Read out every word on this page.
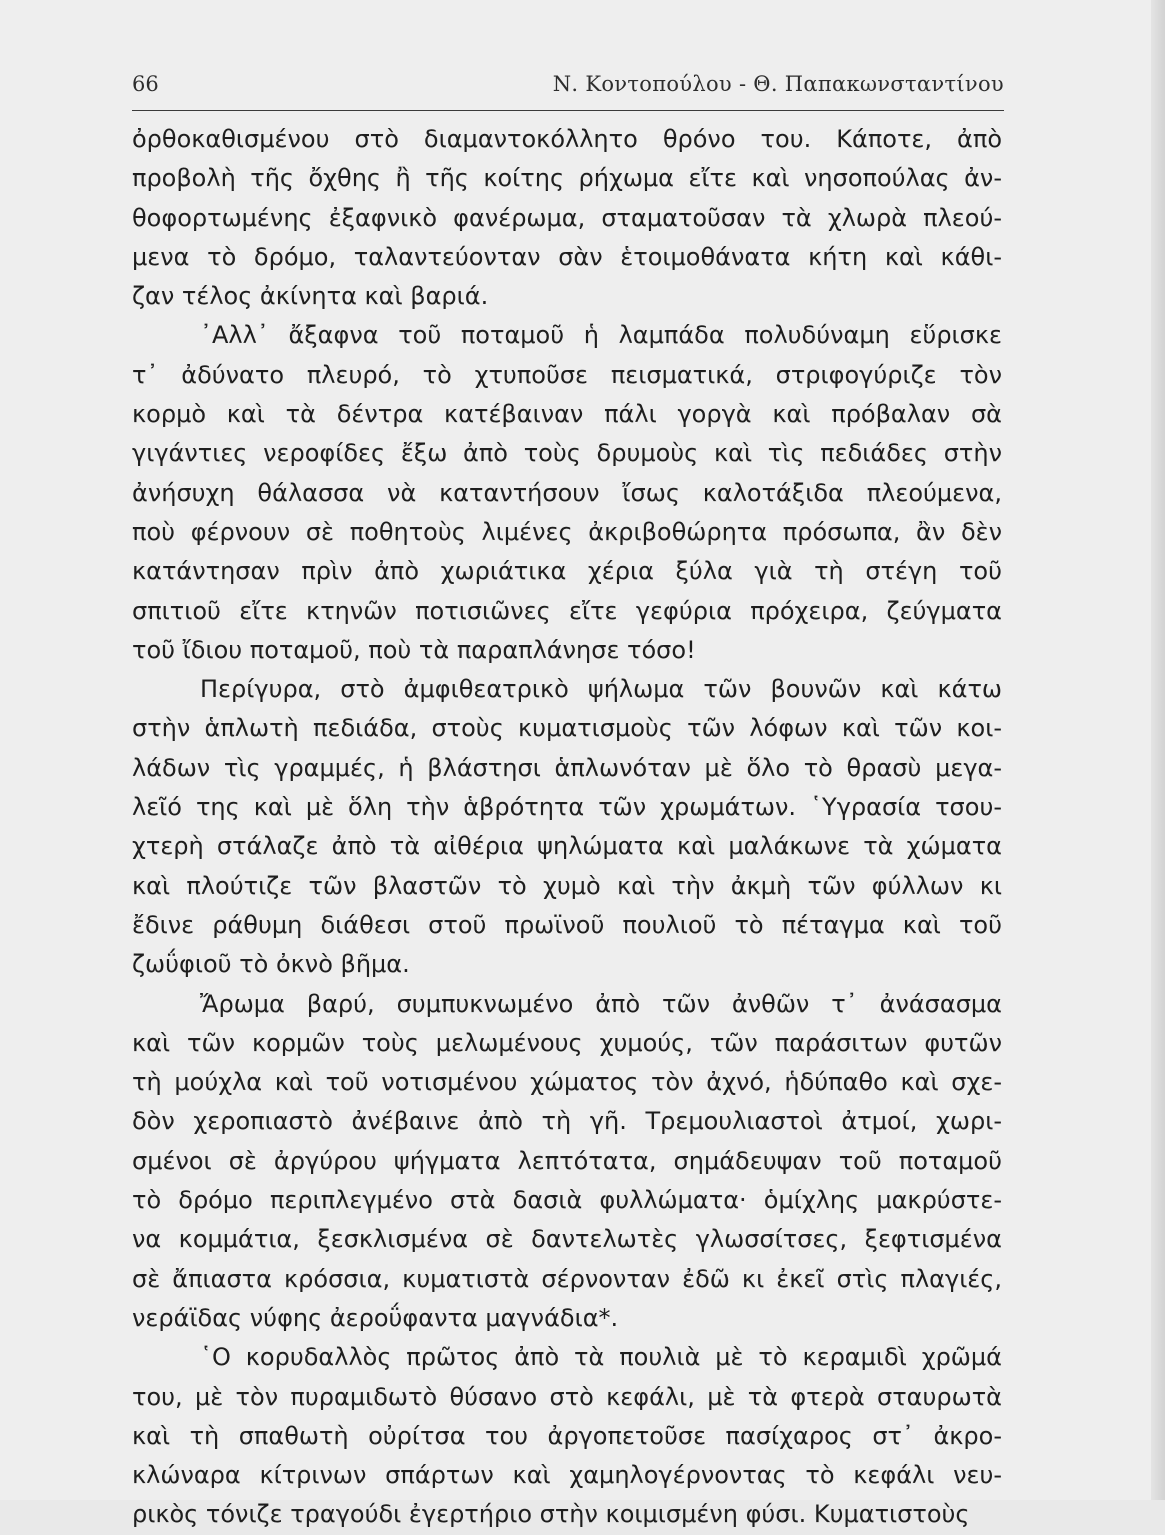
66	Ν. Κοντοπούλου - Θ. Παπακωνσταντίνου
ὀρθοκαθισμένου στὸ διαμαντοκόλλητο θρόνο του. Κάποτε, ἀπὸ
προβολὴ τῆς ὄχθης ἢ τῆς κοίτης ρήχωμα εἴτε καὶ νησοπούλας ἀν-
θοφορτωμένης ἐξαφνικὸ φανέρωμα, σταματοῦσαν τὰ χλωρὰ πλεού-
μενα τὸ δρόμο, ταλαντεύονταν σὰν ἑτοιμοθάνατα κήτη καὶ κάθι-
ζαν τέλος ἀκίνητα καὶ βαριά.
᾿Αλλ᾿ ἄξαφνα τοῦ ποταμοῦ ἡ λαμπάδα πολυδύναμη εὕρισκε
τ᾿ ἀδύνατο πλευρό, τὸ χτυποῦσε πεισματικά, στριφογύριζε τὸν
κορμὸ καὶ τὰ δέντρα κατέβαιναν πάλι γοργὰ καὶ πρόβαλαν σὰ
γιγάντιες νεροφίδες ἔξω ἀπὸ τοὺς δρυμοὺς καὶ τὶς πεδιάδες στὴν
ἀνήσυχη θάλασσα νὰ καταντήσουν ἴσως καλοτάξιδα πλεούμενα,
ποὺ φέρνουν σὲ ποθητοὺς λιμένες ἀκριβοθώρητα πρόσωπα, ἂν δὲν
κατάντησαν πρὶν ἀπὸ χωριάτικα χέρια ξύλα γιὰ τὴ στέγη τοῦ
σπιτιοῦ εἴτε κτηνῶν ποτισιῶνες εἴτε γεφύρια πρόχειρα, ζεύγματα
τοῦ ἴδιου ποταμοῦ, ποὺ τὰ παραπλάνησε τόσο!
Περίγυρα, στὸ ἀμφιθεατρικὸ ψήλωμα τῶν βουνῶν καὶ κάτω
στὴν ἁπλωτὴ πεδιάδα, στοὺς κυματισμοὺς τῶν λόφων καὶ τῶν κοι-
λάδων τὶς γραμμές, ἡ βλάστησι ἁπλωνόταν μὲ ὅλο τὸ θρασὺ μεγα-
λεῖό της καὶ μὲ ὅλη τὴν ἁβρότητα τῶν χρωμάτων. ῾Υγρασία τσου-
χτερὴ στάλαζε ἀπὸ τὰ αἰθέρια ψηλώματα καὶ μαλάκωνε τὰ χώματα
καὶ πλούτιζε τῶν βλαστῶν τὸ χυμὸ καὶ τὴν ἀκμὴ τῶν φύλλων κι
ἔδινε ράθυμη διάθεσι στοῦ πρωϊνοῦ πουλιοῦ τὸ πέταγμα καὶ τοῦ
ζωΰφιοῦ τὸ ὀκνὸ βῆμα.
Ἄρωμα βαρύ, συμπυκνωμένο ἀπὸ τῶν ἀνθῶν τ᾿ ἀνάσασμα
καὶ τῶν κορμῶν τοὺς μελωμένους χυμούς, τῶν παράσιτων φυτῶν
τὴ μούχλα καὶ τοῦ νοτισμένου χώματος τὸν ἀχνό, ἡδύπαθο καὶ σχε-
δὸν χεροπιαστὸ ἀνέβαινε ἀπὸ τὴ γῆ. Τρεμουλιαστοὶ ἀτμοί, χωρι-
σμένοι σὲ ἀργύρου ψήγματα λεπτότατα, σημάδευψαν τοῦ ποταμοῦ
τὸ δρόμο περιπλεγμένο στὰ δασιὰ φυλλώματα· ὁμίχλης μακρύστε-
να κομμάτια, ξεσκλισμένα σὲ δαντελωτὲς γλωσσίτσες, ξεφτισμένα
σὲ ἄπιαστα κρόσσια, κυματιστὰ σέρνονταν ἐδῶ κι ἐκεῖ στὶς πλαγιές,
νεράϊδας νύφης ἀεροΰφαντα μαγνάδια*.
῾Ο κορυδαλλὸς πρῶτος ἀπὸ τὰ πουλιὰ μὲ τὸ κεραμιδὶ χρῶμά
του, μὲ τὸν πυραμιδωτὸ θύσανο στὸ κεφάλι, μὲ τὰ φτερὰ σταυρωτὰ
καὶ τὴ σπαθωτὴ οὐρίτσα του ἀργοπετοῦσε πασίχαρος στ᾿ ἀκρο-
κλώναρα κίτρινων σπάρτων καὶ χαμηλογέρνοντας τὸ κεφάλι νευ-
ρικὸς τόνιζε τραγούδι ἐγερτήριο στὴν κοιμισμένη φύσι. Κυματιστοὺς
